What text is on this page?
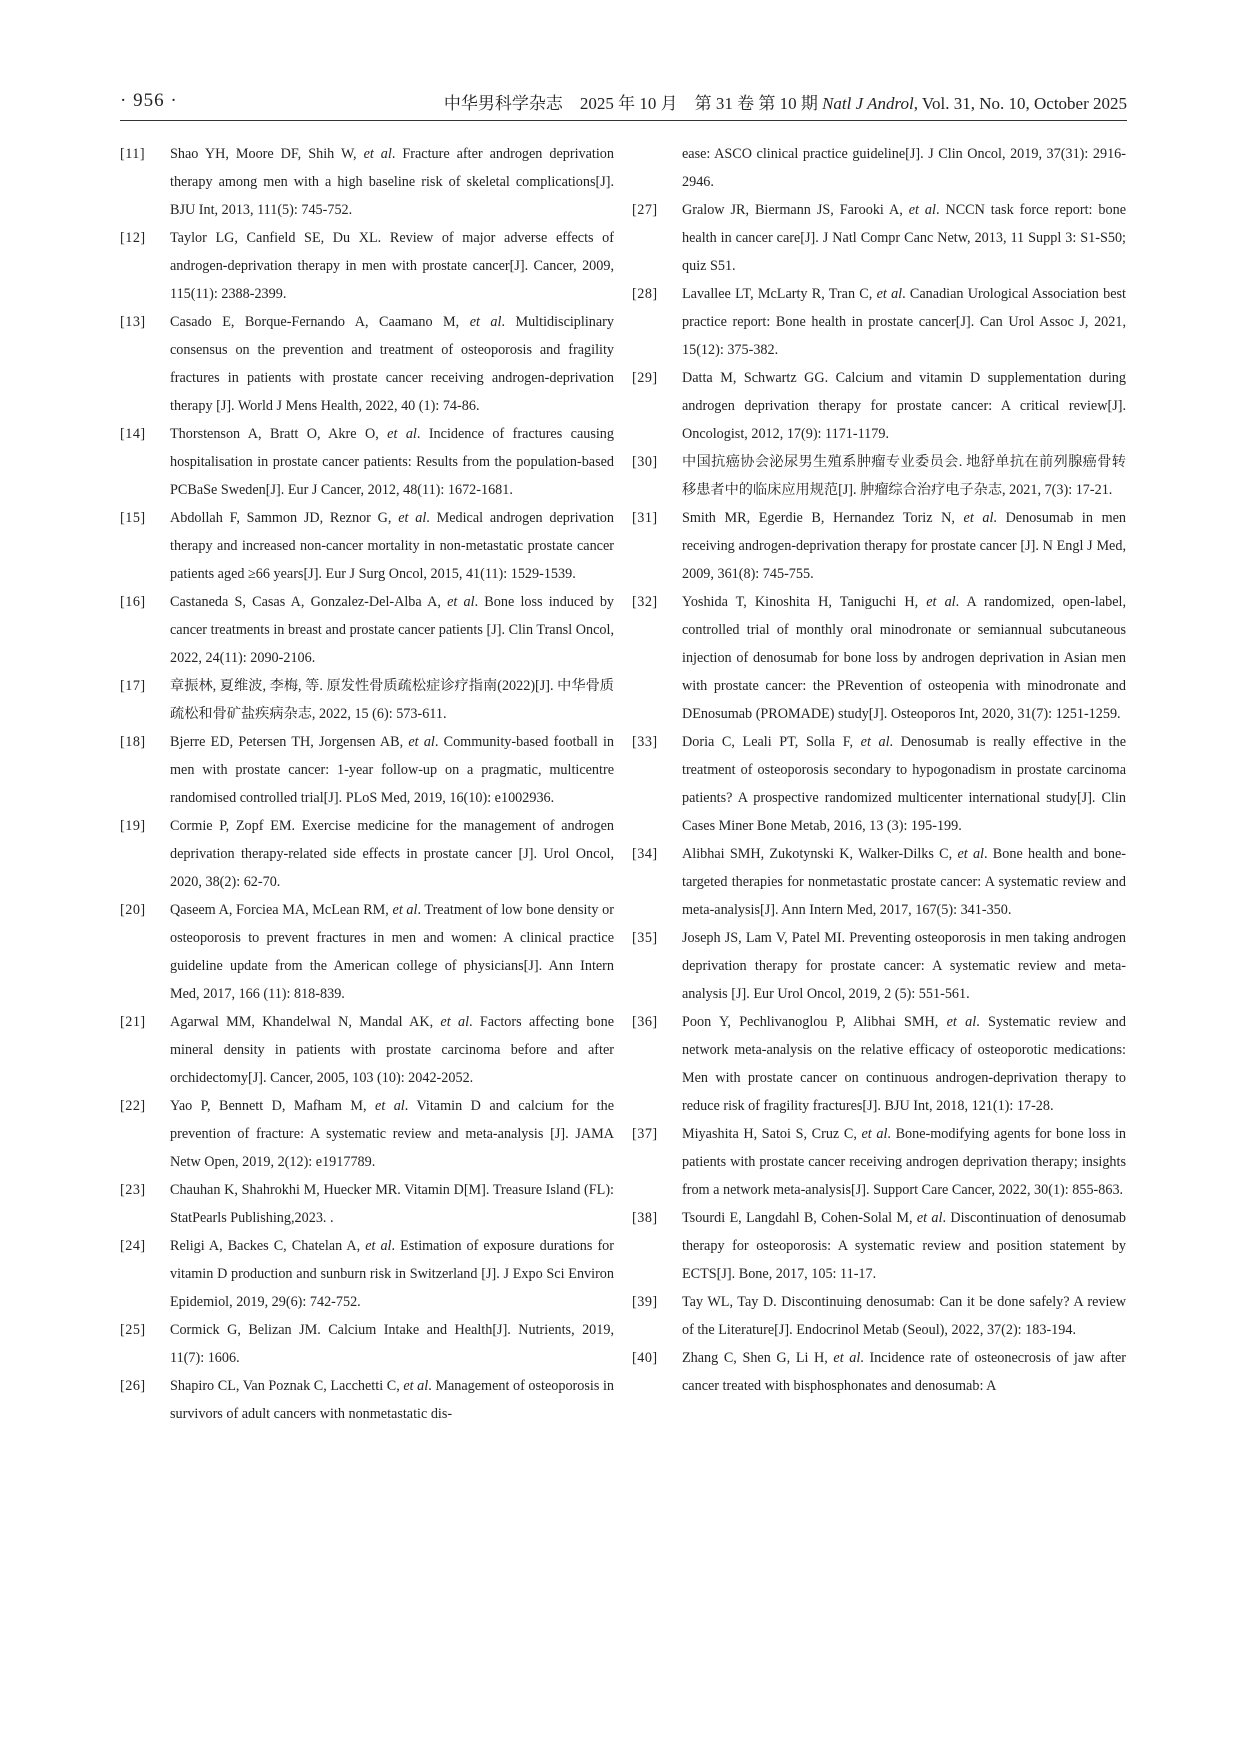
· 956 ·	中华男科学杂志　2025 年 10 月　第 31 卷 第 10 期 Natl J Androl, Vol. 31, No. 10, October 2025
[11]	Shao YH, Moore DF, Shih W, et al. Fracture after androgen deprivation therapy among men with a high baseline risk of skeletal complications[J]. BJU Int, 2013, 111(5): 745-752.
[12]	Taylor LG, Canfield SE, Du XL. Review of major adverse effects of androgen-deprivation therapy in men with prostate cancer[J]. Cancer, 2009, 115(11): 2388-2399.
[13]	Casado E, Borque-Fernando A, Caamano M, et al. Multidisciplinary consensus on the prevention and treatment of osteoporosis and fragility fractures in patients with prostate cancer receiving androgen-deprivation therapy [J]. World J Mens Health, 2022, 40 (1): 74-86.
[14]	Thorstenson A, Bratt O, Akre O, et al. Incidence of fractures causing hospitalisation in prostate cancer patients: Results from the population-based PCBaSe Sweden[J]. Eur J Cancer, 2012, 48(11): 1672-1681.
[15]	Abdollah F, Sammon JD, Reznor G, et al. Medical androgen deprivation therapy and increased non-cancer mortality in non-metastatic prostate cancer patients aged ≥66 years[J]. Eur J Surg Oncol, 2015, 41(11): 1529-1539.
[16]	Castaneda S, Casas A, Gonzalez-Del-Alba A, et al. Bone loss induced by cancer treatments in breast and prostate cancer patients [J]. Clin Transl Oncol, 2022, 24(11): 2090-2106.
[17]	章振林, 夏维波, 李梅, 等. 原发性骨质疏松症诊疗指南(2022)[J]. 中华骨质疏松和骨矿盐疾病杂志, 2022, 15 (6): 573-611.
[18]	Bjerre ED, Petersen TH, Jorgensen AB, et al. Community-based football in men with prostate cancer: 1-year follow-up on a pragmatic, multicentre randomised controlled trial[J]. PLoS Med, 2019, 16(10): e1002936.
[19]	Cormie P, Zopf EM. Exercise medicine for the management of androgen deprivation therapy-related side effects in prostate cancer [J]. Urol Oncol, 2020, 38(2): 62-70.
[20]	Qaseem A, Forciea MA, McLean RM, et al. Treatment of low bone density or osteoporosis to prevent fractures in men and women: A clinical practice guideline update from the American college of physicians[J]. Ann Intern Med, 2017, 166 (11): 818-839.
[21]	Agarwal MM, Khandelwal N, Mandal AK, et al. Factors affecting bone mineral density in patients with prostate carcinoma before and after orchidectomy[J]. Cancer, 2005, 103 (10): 2042-2052.
[22]	Yao P, Bennett D, Mafham M, et al. Vitamin D and calcium for the prevention of fracture: A systematic review and meta-analysis [J]. JAMA Netw Open, 2019, 2(12): e1917789.
[23]	Chauhan K, Shahrokhi M, Huecker MR. Vitamin D[M]. Treasure Island (FL): StatPearls Publishing,2023. .
[24]	Religi A, Backes C, Chatelan A, et al. Estimation of exposure durations for vitamin D production and sunburn risk in Switzerland [J]. J Expo Sci Environ Epidemiol, 2019, 29(6): 742-752.
[25]	Cormick G, Belizan JM. Calcium Intake and Health[J]. Nutrients, 2019, 11(7): 1606.
[26]	Shapiro CL, Van Poznak C, Lacchetti C, et al. Management of osteoporosis in survivors of adult cancers with nonmetastatic dis-
ease: ASCO clinical practice guideline[J]. J Clin Oncol, 2019, 37(31): 2916-2946.
[27]	Gralow JR, Biermann JS, Farooki A, et al. NCCN task force report: bone health in cancer care[J]. J Natl Compr Canc Netw, 2013, 11 Suppl 3: S1-S50; quiz S51.
[28]	Lavallee LT, McLarty R, Tran C, et al. Canadian Urological Association best practice report: Bone health in prostate cancer[J]. Can Urol Assoc J, 2021, 15(12): 375-382.
[29]	Datta M, Schwartz GG. Calcium and vitamin D supplementation during androgen deprivation therapy for prostate cancer: A critical review[J]. Oncologist, 2012, 17(9): 1171-1179.
[30]	中国抗癌协会泌尿男生殖系肿瘤专业委员会. 地舒单抗在前列腺癌骨转移患者中的临床应用规范[J]. 肿瘤综合治疗电子杂志, 2021, 7(3): 17-21.
[31]	Smith MR, Egerdie B, Hernandez Toriz N, et al. Denosumab in men receiving androgen-deprivation therapy for prostate cancer [J]. N Engl J Med, 2009, 361(8): 745-755.
[32]	Yoshida T, Kinoshita H, Taniguchi H, et al. A randomized, open-label, controlled trial of monthly oral minodronate or semiannual subcutaneous injection of denosumab for bone loss by androgen deprivation in Asian men with prostate cancer: the PRevention of osteopenia with minodronate and DEnosumab (PROMADE) study[J]. Osteoporos Int, 2020, 31(7): 1251-1259.
[33]	Doria C, Leali PT, Solla F, et al. Denosumab is really effective in the treatment of osteoporosis secondary to hypogonadism in prostate carcinoma patients? A prospective randomized multicenter international study[J]. Clin Cases Miner Bone Metab, 2016, 13 (3): 195-199.
[34]	Alibhai SMH, Zukotynski K, Walker-Dilks C, et al. Bone health and bone-targeted therapies for nonmetastatic prostate cancer: A systematic review and meta-analysis[J]. Ann Intern Med, 2017, 167(5): 341-350.
[35]	Joseph JS, Lam V, Patel MI. Preventing osteoporosis in men taking androgen deprivation therapy for prostate cancer: A systematic review and meta-analysis [J]. Eur Urol Oncol, 2019, 2 (5): 551-561.
[36]	Poon Y, Pechlivanoglou P, Alibhai SMH, et al. Systematic review and network meta-analysis on the relative efficacy of osteoporotic medications: Men with prostate cancer on continuous androgen-deprivation therapy to reduce risk of fragility fractures[J]. BJU Int, 2018, 121(1): 17-28.
[37]	Miyashita H, Satoi S, Cruz C, et al. Bone-modifying agents for bone loss in patients with prostate cancer receiving androgen deprivation therapy; insights from a network meta-analysis[J]. Support Care Cancer, 2022, 30(1): 855-863.
[38]	Tsourdi E, Langdahl B, Cohen-Solal M, et al. Discontinuation of denosumab therapy for osteoporosis: A systematic review and position statement by ECTS[J]. Bone, 2017, 105: 11-17.
[39]	Tay WL, Tay D. Discontinuing denosumab: Can it be done safely? A review of the Literature[J]. Endocrinol Metab (Seoul), 2022, 37(2): 183-194.
[40]	Zhang C, Shen G, Li H, et al. Incidence rate of osteonecrosis of jaw after cancer treated with bisphosphonates and denosumab: A
